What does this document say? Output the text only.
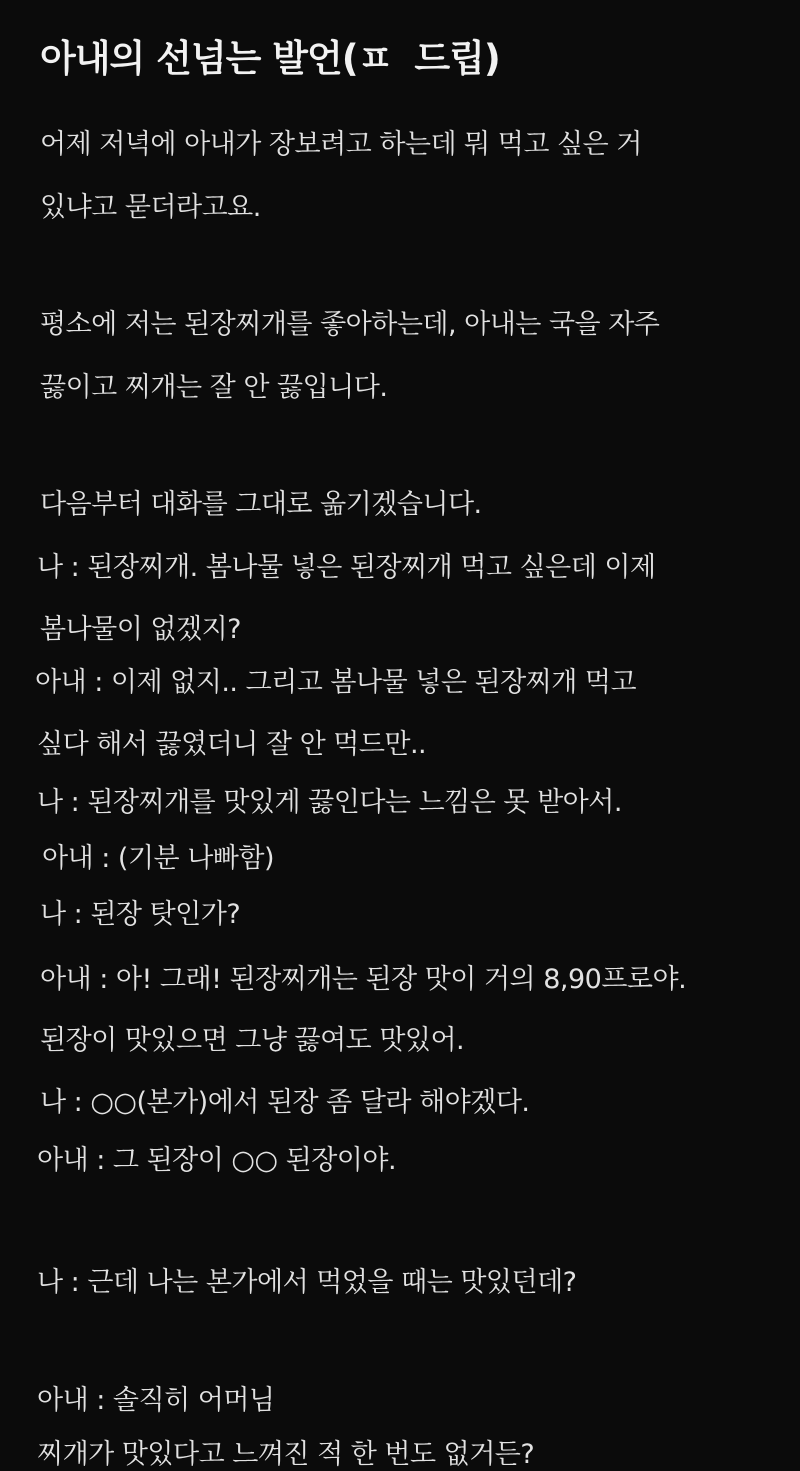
아내의 선넘는 발언(ㅍ 드립)
어제 저녁에 아내가 장보려고 하는데 뭐 먹고 싶은 거
있냐고 묻더라고요.
평소에 저는 된장찌개를 좋아하는데, 아내는 국을 자주
끓이고 찌개는 잘 안 끓입니다.
다음부터 대화를 그대로 옮기겠습니다.
나 : 된장찌개. 봄나물 넣은 된장찌개 먹고 싶은데 이제
봄나물이 없겠지?
아내 : 이제 없지.. 그리고 봄나물 넣은 된장찌개 먹고
싶다 해서 끓였더니 잘 안 먹드만..
나 : 된장찌개를 맛있게 끓인다는 느낌은 못 받아서.
아내 : (기분 나빠함)
나 : 된장 탓인가?
아내 : 아! 그래! 된장찌개는 된장 맛이 거의 8,90프로야.
된장이 맛있으면 그냥 끓여도 맛있어.
나 : ○○(본가)에서 된장 좀 달라 해야겠다.
아내 : 그 된장이 ○○ 된장이야.
나 : 근데 나는 본가에서 먹었을 때는 맛있던데?
아내 : 솔직히 어머님
찌개가 맛있다고 느껴진 적 한 번도 없거든?
